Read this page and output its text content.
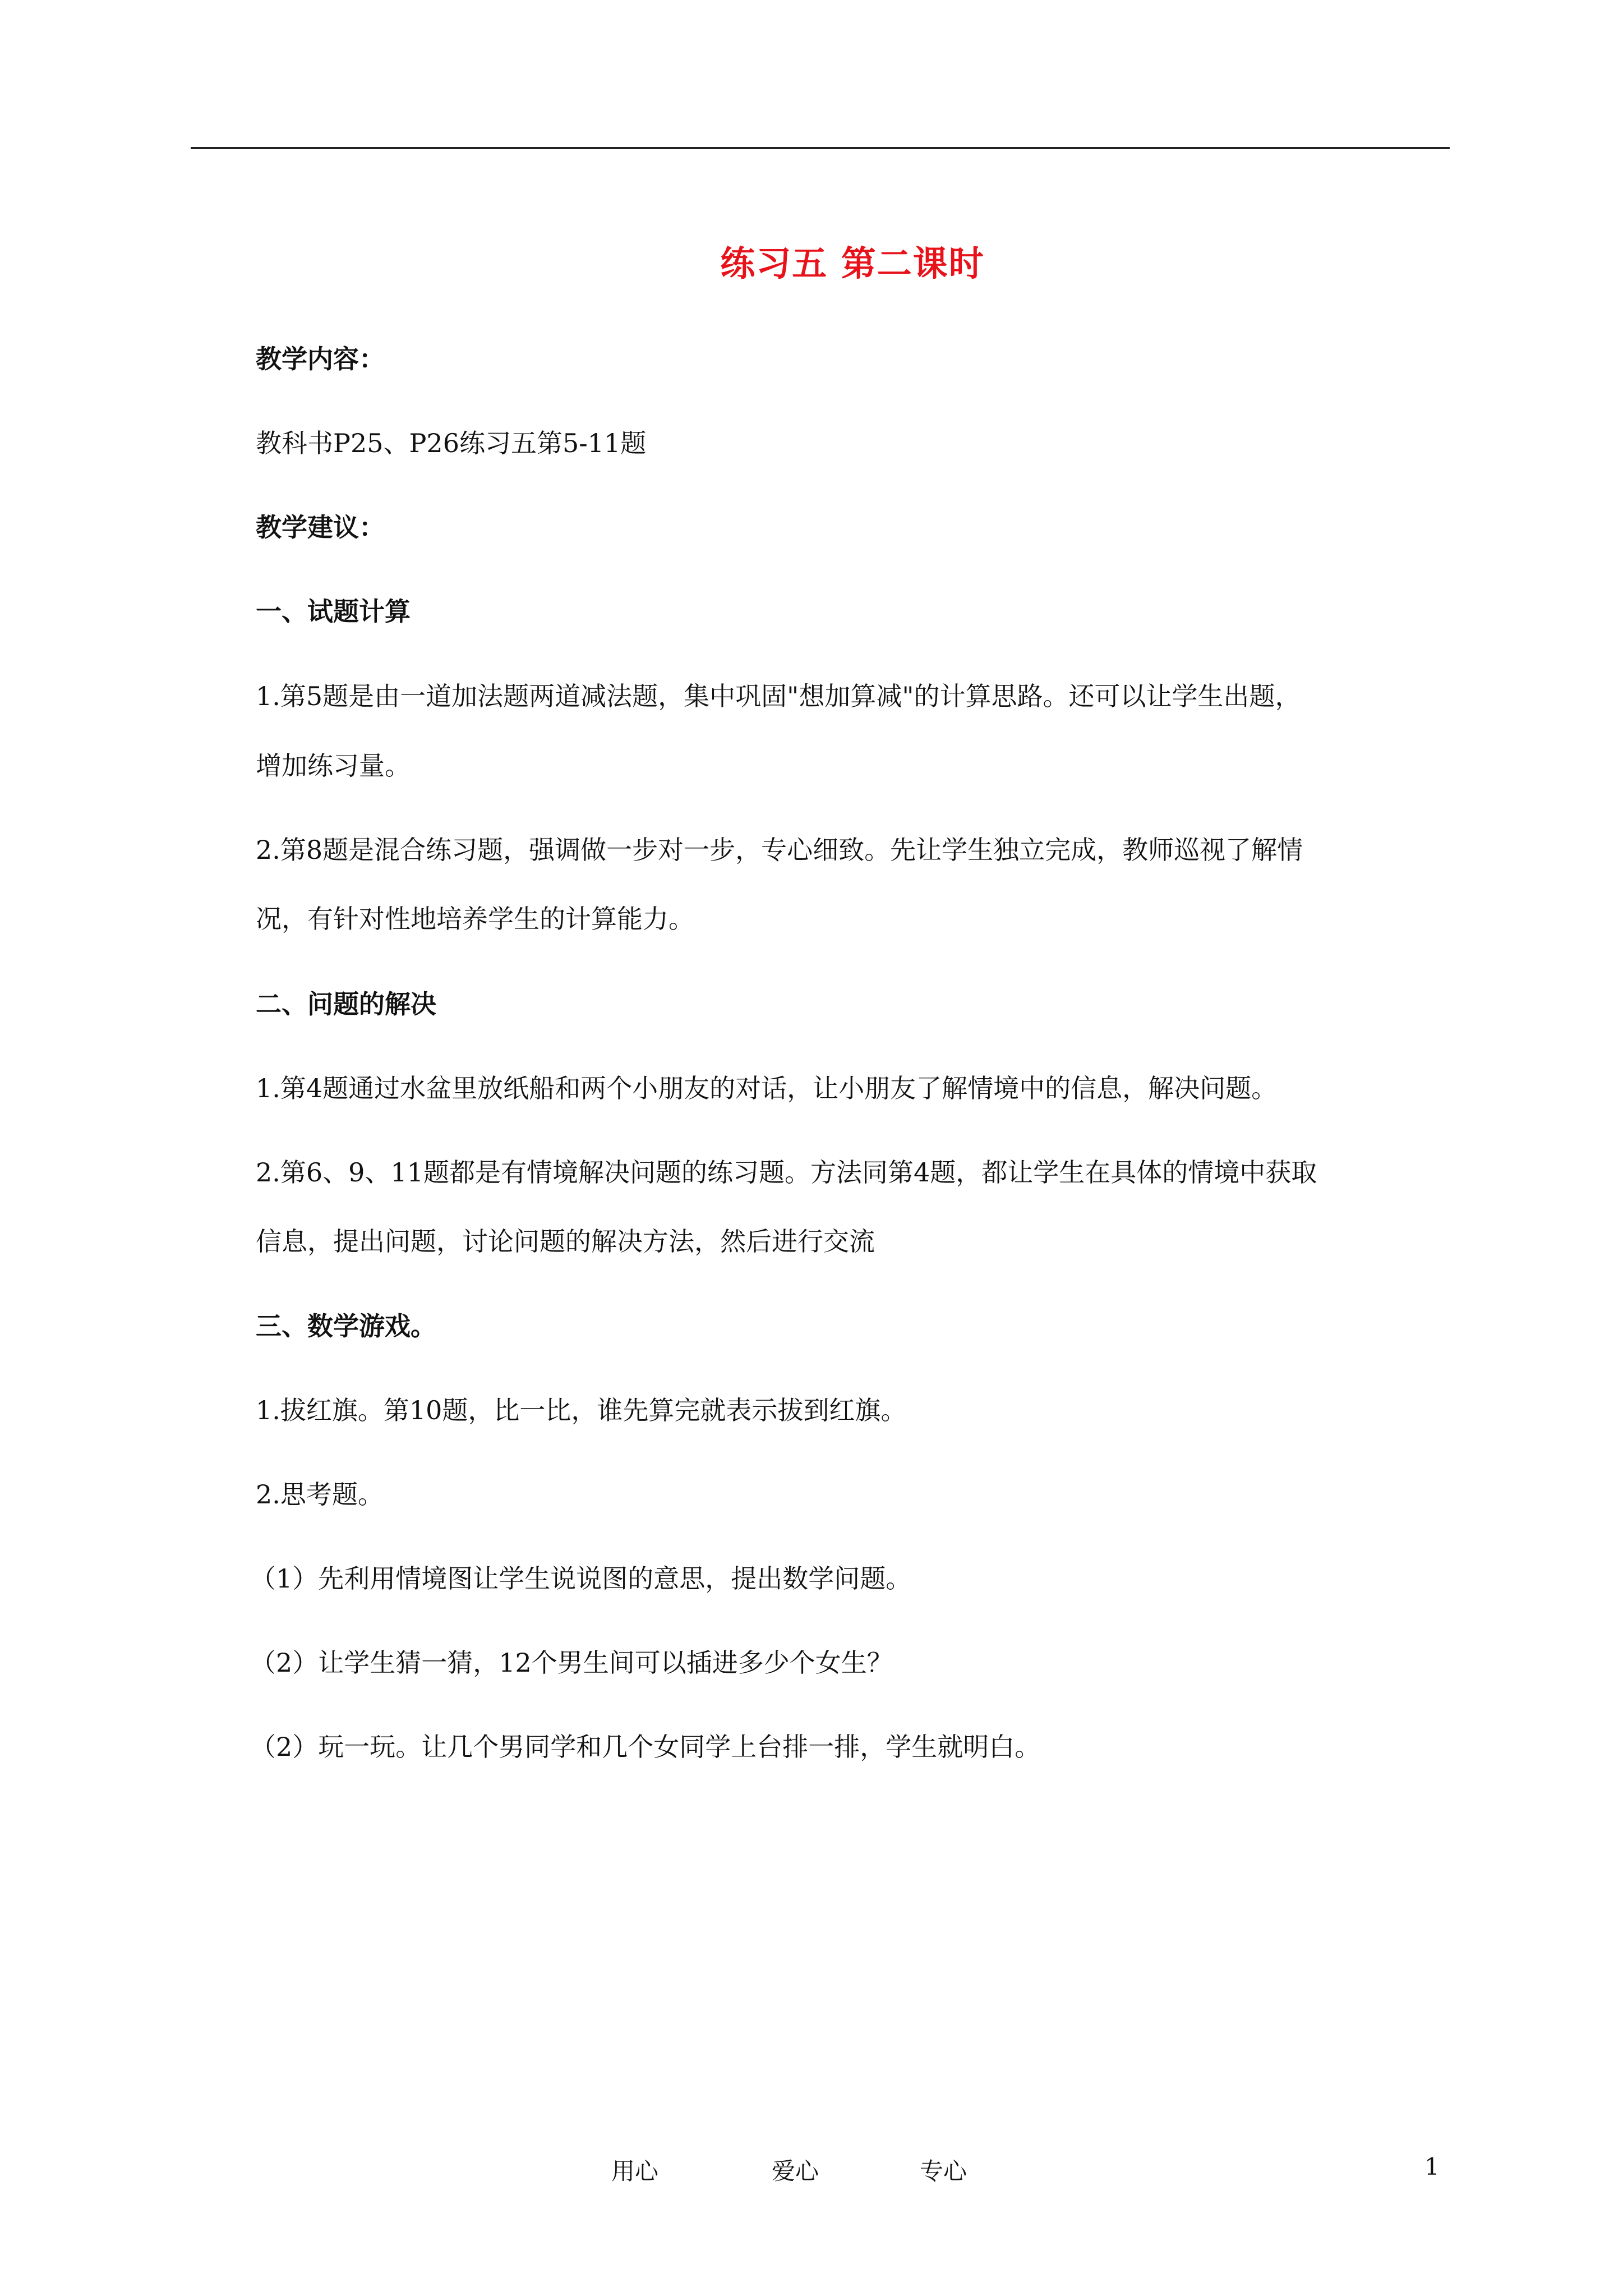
练习五 第二课时
教学内容：
教科书P25、P26练习五第5-11题
教学建议：
一、试题计算
1.第5题是由一道加法题两道减法题，集中巩固"想加算减"的计算思路。还可以让学生出题，
增加练习量。
2.第8题是混合练习题，强调做一步对一步，专心细致。先让学生独立完成，教师巡视了解情
况，有针对性地培养学生的计算能力。
二、问题的解决
1.第4题通过水盆里放纸船和两个小朋友的对话，让小朋友了解情境中的信息，解决问题。
2.第6、9、11题都是有情境解决问题的练习题。方法同第4题，都让学生在具体的情境中获取
信息，提出问题，讨论问题的解决方法，然后进行交流
三、数学游戏。
1.拔红旗。第10题，比一比，谁先算完就表示拔到红旗。
2.思考题。
（1）先利用情境图让学生说说图的意思，提出数学问题。
（2）让学生猜一猜，12个男生间可以插进多少个女生？
（2）玩一玩。让几个男同学和几个女同学上台排一排，学生就明白。
用心	爱心	专心	1
